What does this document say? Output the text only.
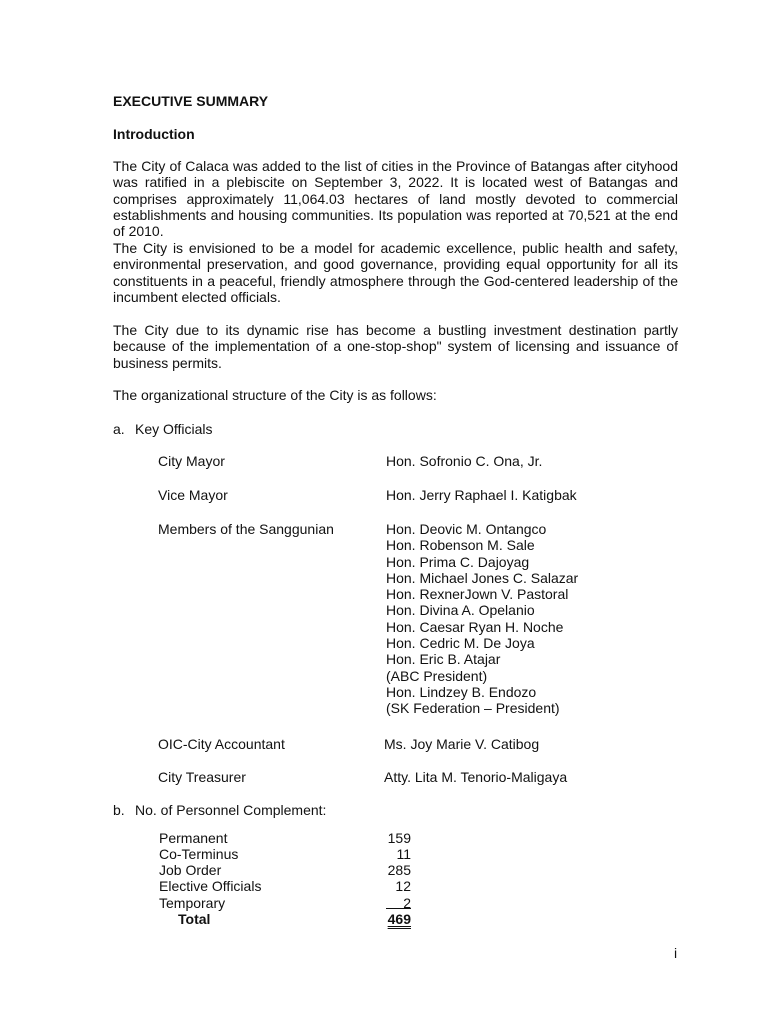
EXECUTIVE SUMMARY
Introduction
The City of Calaca was added to the list of cities in the Province of Batangas after cityhood was ratified in a plebiscite on September 3, 2022. It is located west of Batangas and comprises approximately 11,064.03 hectares of land mostly devoted to commercial establishments and housing communities. Its population was reported at 70,521 at the end of 2010.
The City is envisioned to be a model for academic excellence, public health and safety, environmental preservation, and good governance, providing equal opportunity for all its constituents in a peaceful, friendly atmosphere through the God-centered leadership of the incumbent elected officials.
The City due to its dynamic rise has become a bustling investment destination partly because of the implementation of a one-stop-shop" system of licensing and issuance of business permits.
The organizational structure of the City is as follows:
a. Key Officials
City Mayor	Hon. Sofronio C. Ona, Jr.
Vice Mayor	Hon. Jerry Raphael I. Katigbak
Members of the Sanggunian	Hon. Deovic M. Ontangco
Hon. Robenson M. Sale
Hon. Prima C. Dajoyag
Hon. Michael Jones C. Salazar
Hon. RexnerJown V. Pastoral
Hon. Divina A. Opelanio
Hon. Caesar Ryan H. Noche
Hon. Cedric M. De Joya
Hon. Eric B. Atajar
(ABC President)
Hon. Lindzey B. Endozo
(SK Federation – President)
OIC-City Accountant	Ms. Joy Marie V. Catibog
City Treasurer	Atty. Lita M. Tenorio-Maligaya
b. No. of Personnel Complement:
Permanent	159
Co-Terminus	11
Job Order	285
Elective Officials	12
Temporary	2
Total	469
i
